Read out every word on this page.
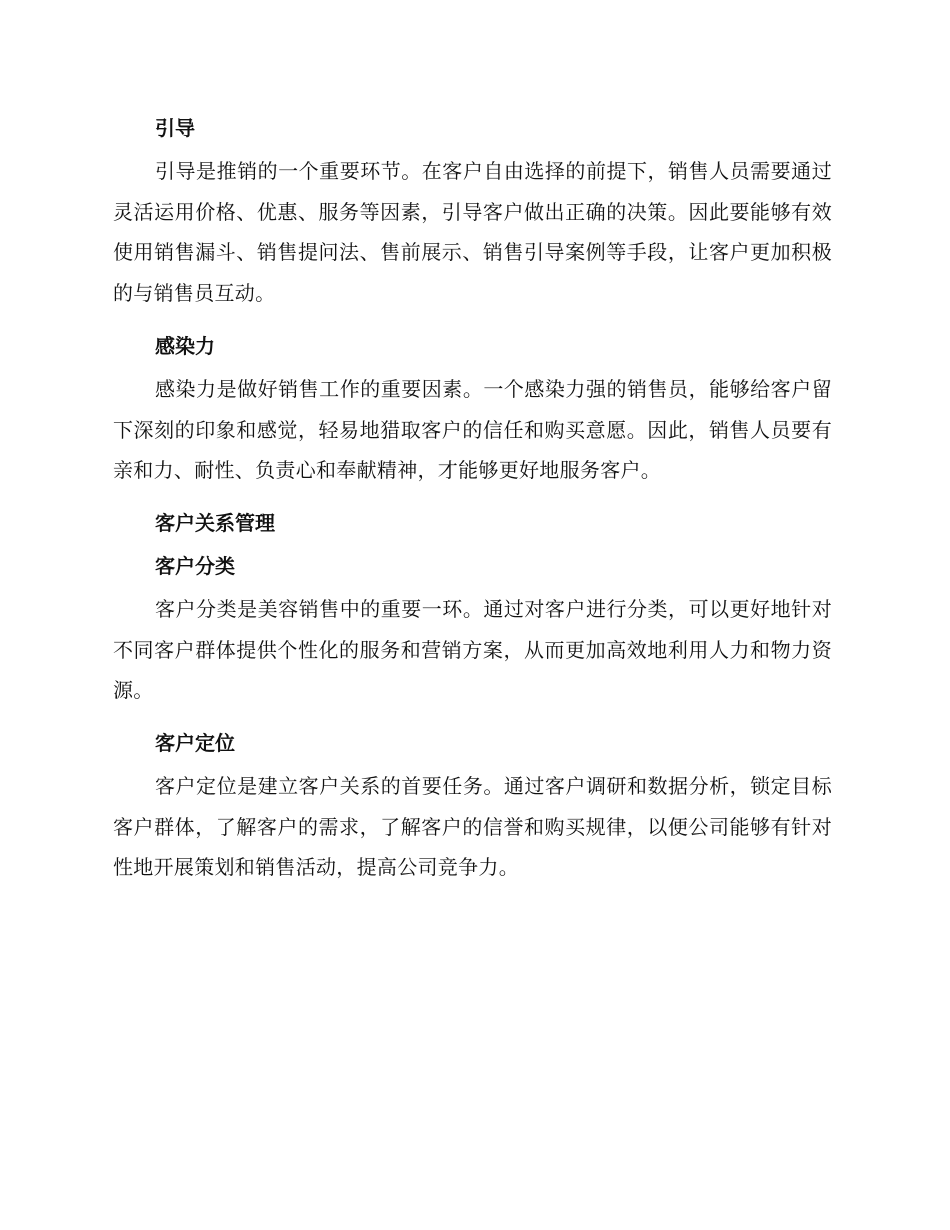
引导

引导是推销的一个重要环节。在客户自由选择的前提下，销售人员需要通过灵活运用价格、优惠、服务等因素，引导客户做出正确的决策。因此要能够有效使用销售漏斗、销售提问法、售前展示、销售引导案例等手段，让客户更加积极的与销售员互动。

感染力

感染力是做好销售工作的重要因素。一个感染力强的销售员，能够给客户留下深刻的印象和感觉，轻易地猎取客户的信任和购买意愿。因此，销售人员要有亲和力、耐性、负责心和奉献精神，才能够更好地服务客户。

客户关系管理
客户分类

客户分类是美容销售中的重要一环。通过对客户进行分类，可以更好地针对不同客户群体提供个性化的服务和营销方案，从而更加高效地利用人力和物力资源。

客户定位

客户定位是建立客户关系的首要任务。通过客户调研和数据分析，锁定目标客户群体，了解客户的需求，了解客户的信誉和购买规律，以便公司能够有针对性地开展策划和销售活动，提高公司竞争力。
